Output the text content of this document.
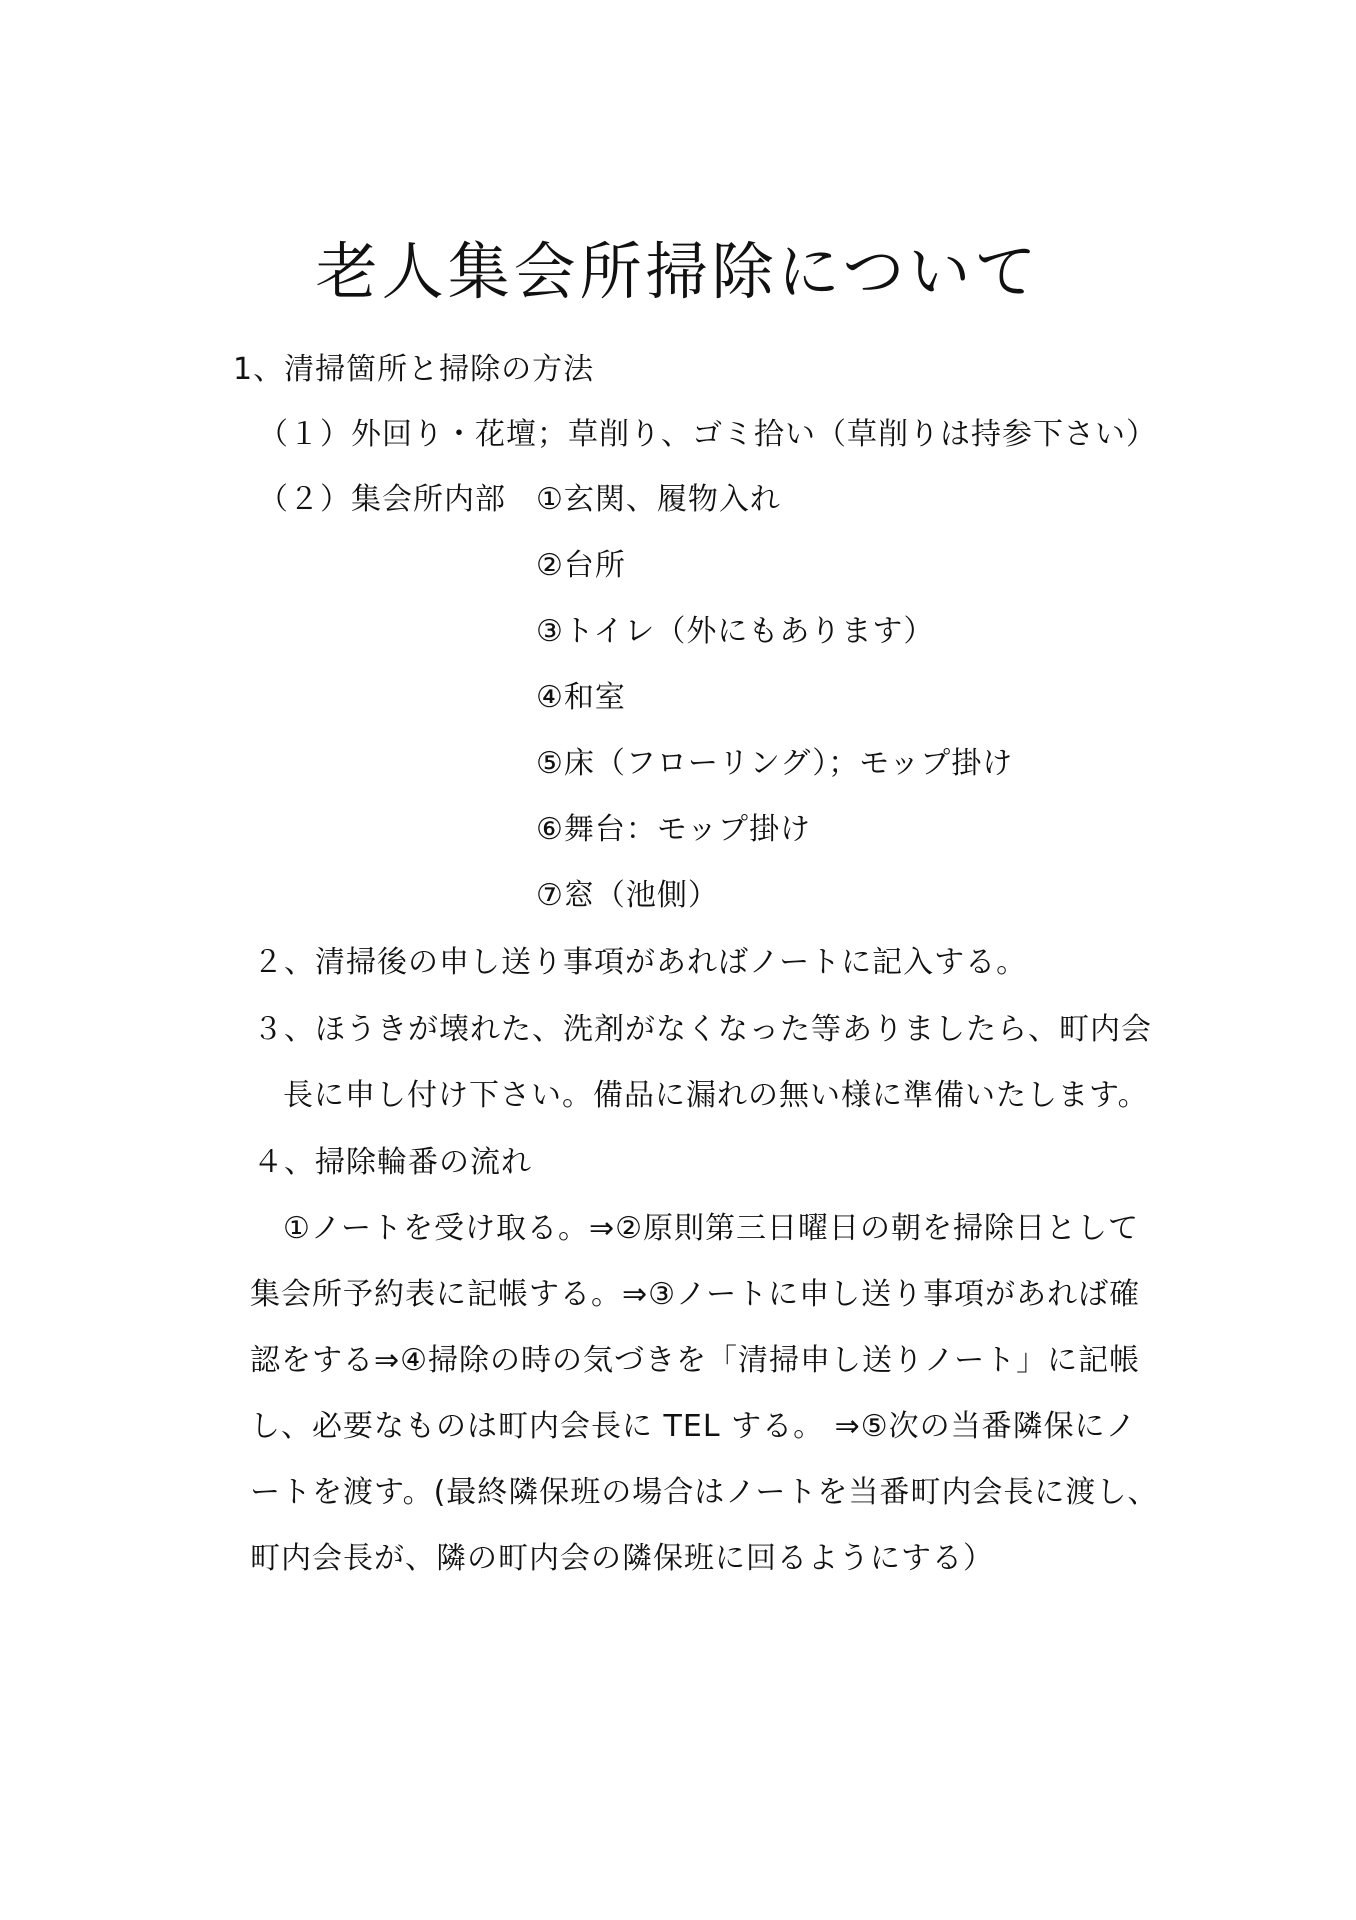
老人集会所掃除について
1、清掃箇所と掃除の方法
（１）外回り・花壇；草削り、ゴミ拾い（草削りは持参下さい）
（２）集会所内部 ①玄関、履物入れ
②台所
③トイレ（外にもあります）
④和室
⑤床（フローリング）；モップ掛け
⑥舞台：モップ掛け
⑦窓（池側）
２、清掃後の申し送り事項があればノートに記入する。
３、ほうきが壊れた、洗剤がなくなった等ありましたら、町内会
長に申し付け下さい。備品に漏れの無い様に準備いたします。
４、掃除輪番の流れ
①ノートを受け取る。⇒②原則第三日曜日の朝を掃除日として
集会所予約表に記帳する。⇒③ノートに申し送り事項があれば確
認をする⇒④掃除の時の気づきを「清掃申し送りノート」に記帳
し、必要なものは町内会長に TEL する。 ⇒⑤次の当番隣保にノ
ートを渡す。(最終隣保班の場合はノートを当番町内会長に渡し、
町内会長が、隣の町内会の隣保班に回るようにする）
